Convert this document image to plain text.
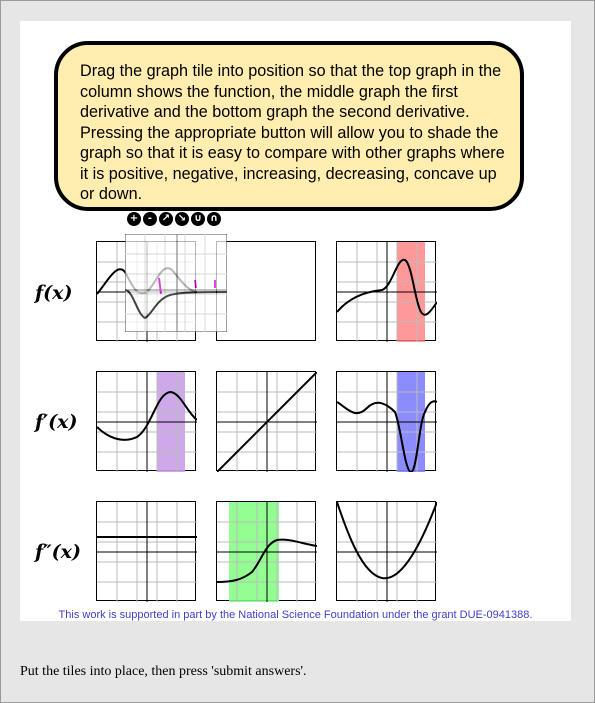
This work is supported in part by the National Science Foundation under the grant DUE-0941388.

Drag the graph tile into position so that the top graph in the column shows the function, the middle graph the first derivative and the bottom graph the second derivative. Pressing the appropriate button will allow you to shade the graph so that it is easy to compare with other graphs where it is positive, negative, increasing, decreasing, concave up or down.

f(x)
f′(x)
f″(x)
+ - ↗ ↘ ∪ ∩
Put the tiles into place, then press 'submit answers'.
